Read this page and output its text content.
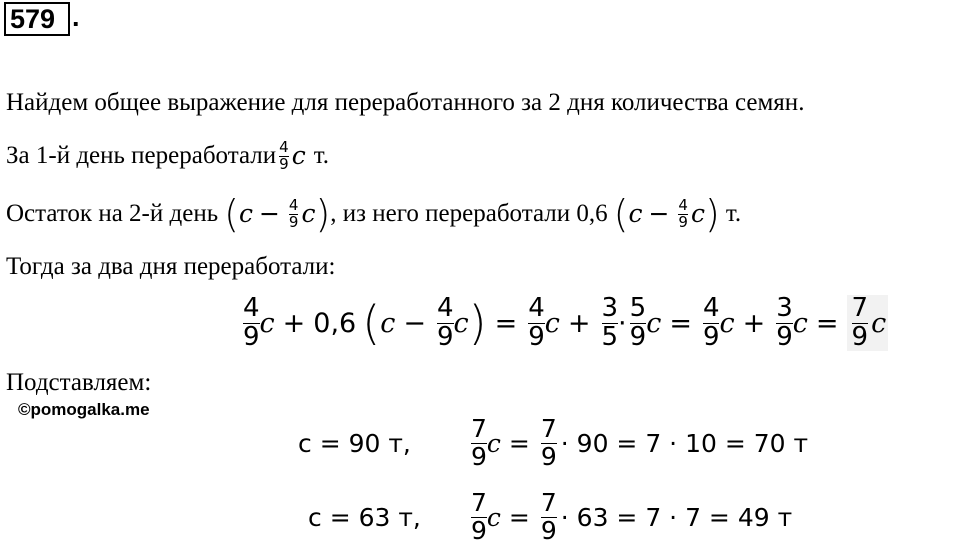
579 .
Найдем общее выражение для переработанного за 2 дня количества семян.
За 1-й день переработали $\frac{4}{9}$ c т.
Остаток на 2-й день ( $c - \frac{4}{9}$ c ) , из него переработали 0,6 ( $c - \frac{4}{9}$ c ) т.
Тогда за два дня переработали:
$\frac{4}{9}$ c + 0,6 ( $c - \frac{4}{9}$ c ) = $\frac{4}{9}$ $c + \frac{3}{5} \cdot \frac{5}{9}$ $c = \frac{4}{9}$ $c + \frac{3}{9}$ $c = \frac{7}{9}$ c
Подставляем:
©pomogalka.me
c = 90 т,	$\frac{7}{9}$ $c = \frac{7}{9} \cdot 90 = 7 \cdot 10 = 70$ т
c = 63 т,	$\frac{7}{9}$ $c = \frac{7}{9} \cdot 63 = 7 \cdot 7 = 49$ т
